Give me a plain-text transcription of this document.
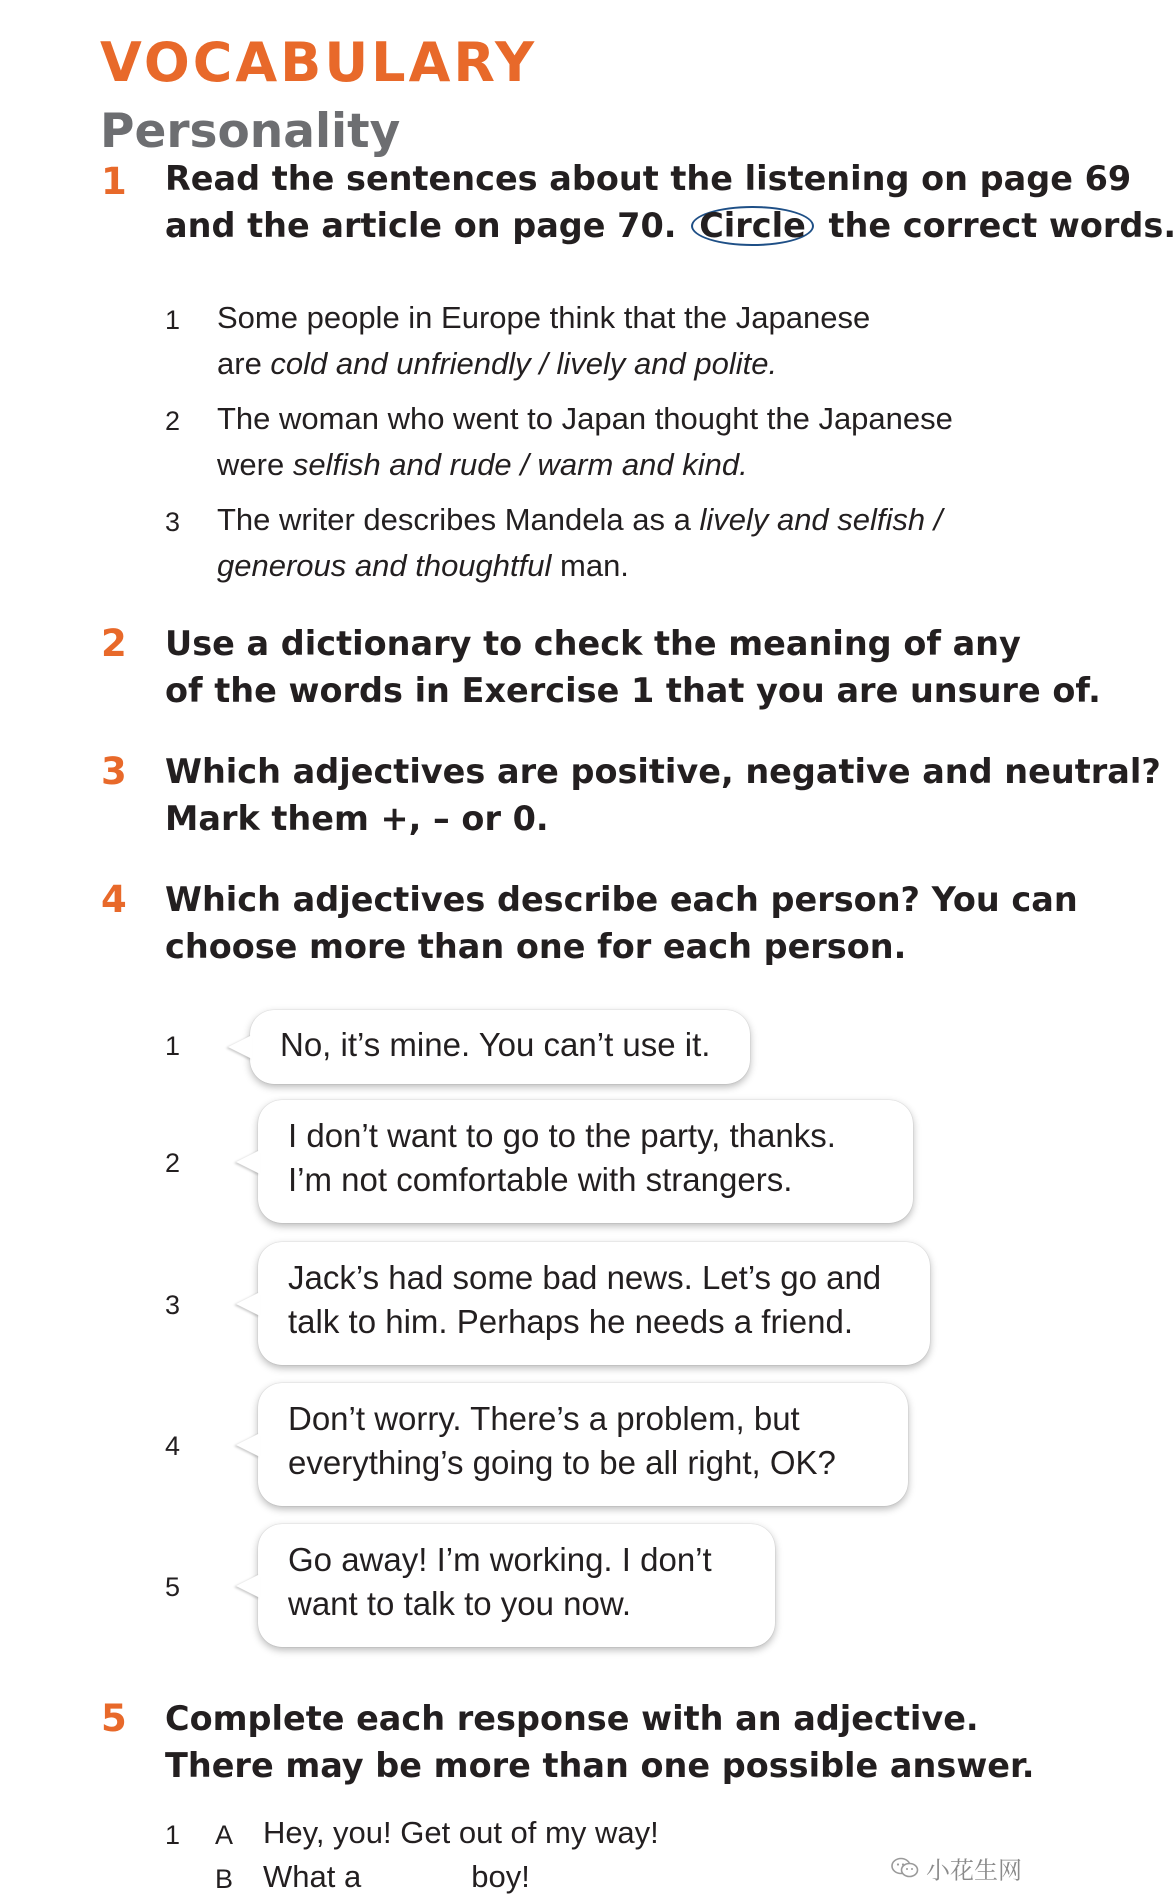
VOCABULARY
Personality
1	Read the sentences about the listening on page 69
and the article on page 70. Circle the correct words.
1	Some people in Europe think that the Japanese
are cold and unfriendly / lively and polite.
2	The woman who went to Japan thought the Japanese
were selfish and rude / warm and kind.
3	The writer describes Mandela as a lively and selfish /
generous and thoughtful man.
2	Use a dictionary to check the meaning of any
of the words in Exercise 1 that you are unsure of.
3	Which adjectives are positive, negative and neutral?
Mark them +, – or 0.
4	Which adjectives describe each person? You can
choose more than one for each person.
1	No, it’s mine. You can’t use it.
2
I don’t want to go to the party, thanks.
I’m not comfortable with strangers.
3
Jack’s had some bad news. Let’s go and
talk to him. Perhaps he needs a friend.
4
Don’t worry. There’s a problem, but
everything’s going to be all right, OK?
5
Go away! I’m working. I don’t
want to talk to you now.
5	Complete each response with an adjective.
There may be more than one possible answer.
1	A Hey, you! Get out of my way!
B What a	boy!	小花生网
